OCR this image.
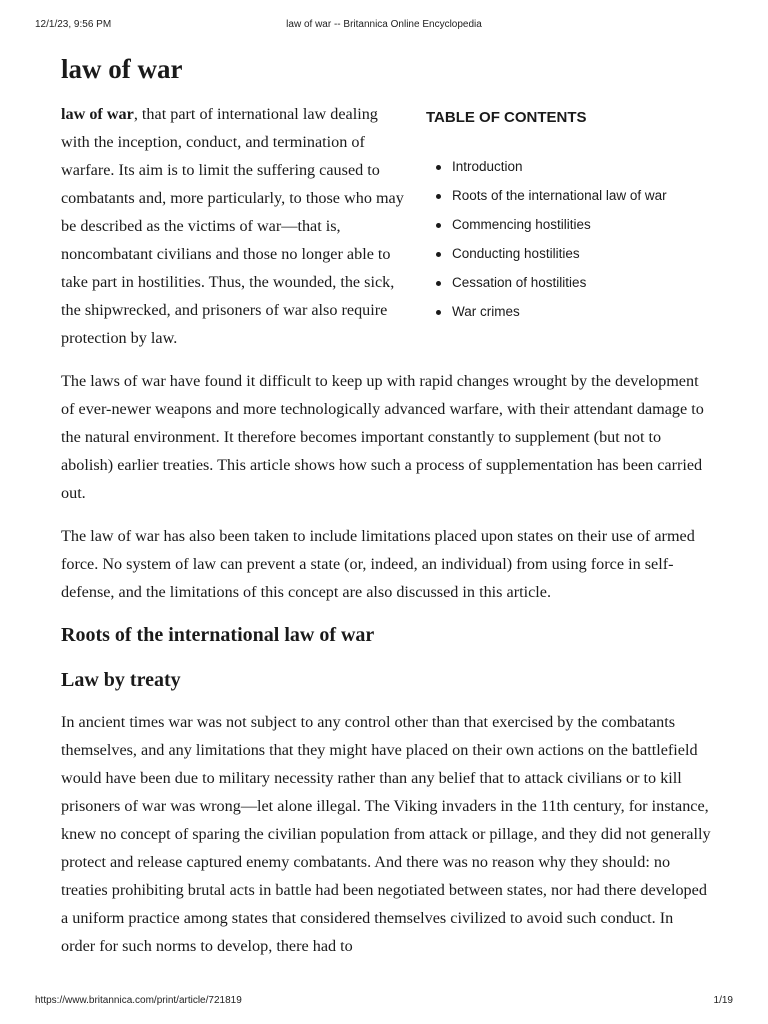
12/1/23, 9:56 PM	law of war -- Britannica Online Encyclopedia
law of war
TABLE OF CONTENTS
Introduction
Roots of the international law of war
Commencing hostilities
Conducting hostilities
Cessation of hostilities
War crimes

law of war, that part of international law dealing with the inception, conduct, and termination of warfare. Its aim is to limit the suffering caused to combatants and, more particularly, to those who may be described as the victims of war—that is, noncombatant civilians and those no longer able to take part in hostilities. Thus, the wounded, the sick, the shipwrecked, and prisoners of war also require protection by law.

The laws of war have found it difficult to keep up with rapid changes wrought by the development of ever-newer weapons and more technologically advanced warfare, with their attendant damage to the natural environment. It therefore becomes important constantly to supplement (but not to abolish) earlier treaties. This article shows how such a process of supplementation has been carried out.

The law of war has also been taken to include limitations placed upon states on their use of armed force. No system of law can prevent a state (or, indeed, an individual) from using force in self-defense, and the limitations of this concept are also discussed in this article.

Roots of the international law of war
Law by treaty

In ancient times war was not subject to any control other than that exercised by the combatants themselves, and any limitations that they might have placed on their own actions on the battlefield would have been due to military necessity rather than any belief that to attack civilians or to kill prisoners of war was wrong—let alone illegal. The Viking invaders in the 11th century, for instance, knew no concept of sparing the civilian population from attack or pillage, and they did not generally protect and release captured enemy combatants. And there was no reason why they should: no treaties prohibiting brutal acts in battle had been negotiated between states, nor had there developed a uniform practice among states that considered themselves civilized to avoid such conduct. In order for such norms to develop, there had to

https://www.britannica.com/print/article/721819	1/19
